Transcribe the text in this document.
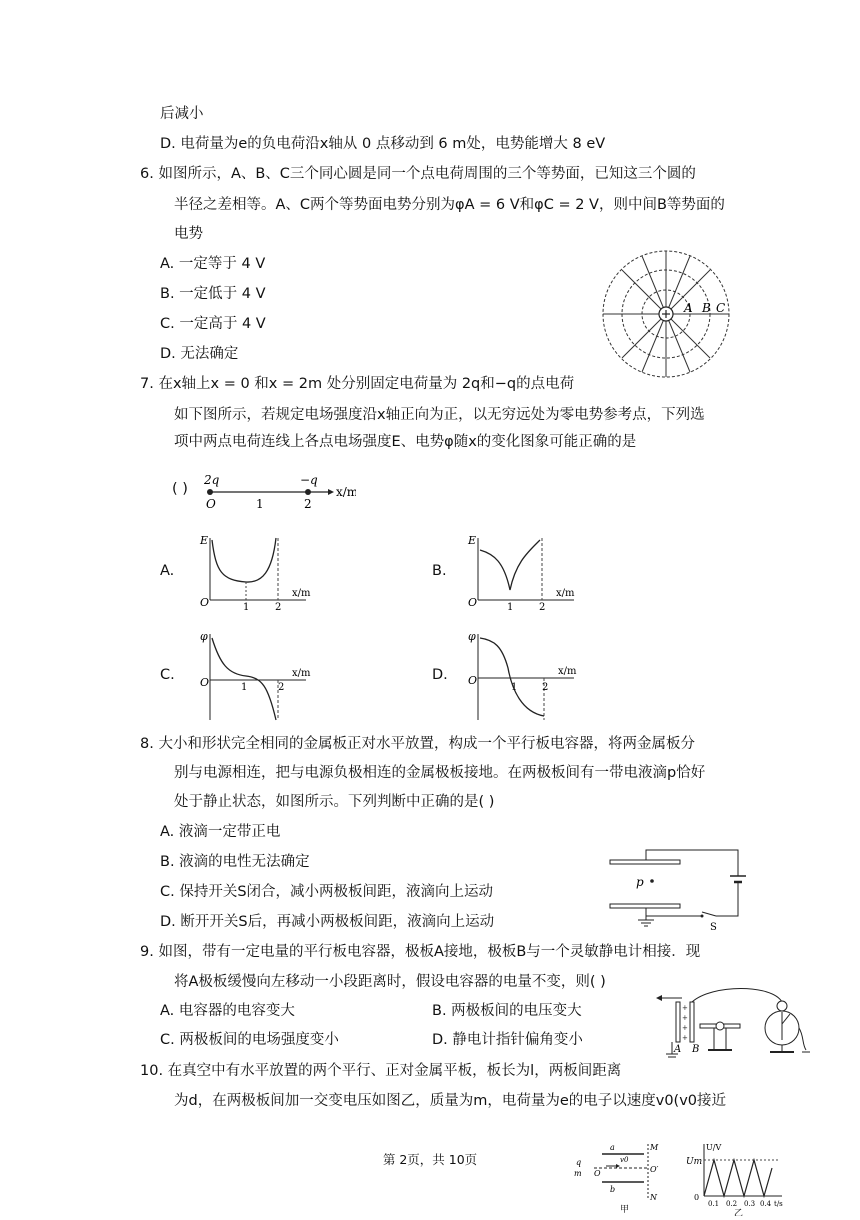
后减小
D. 电荷量为e的负电荷沿x轴从 0 点移动到 6 m处，电势能增大 8 eV
6. 如图所示，A、B、C三个同心圆是同一个点电荷周围的三个等势面，已知这三个圆的
半径之差相等。A、C两个等势面电势分别为φA = 6 V和φC = 2 V，则中间B等势面的
电势
A. 一定等于 4 V
B. 一定低于 4 V
C. 一定高于 4 V
D. 无法确定
7. 在x轴上x = 0 和x = 2m 处分别固定电荷量为 2q和−q的点电荷
如下图所示，若规定电场强度沿x轴正向为正，以无穷远处为零电势参考点，下列选
项中两点电荷连线上各点电场强度E、电势φ随x的变化图象可能正确的是
( )
A.	B.
C.	D.
8. 大小和形状完全相同的金属板正对水平放置，构成一个平行板电容器，将两金属板分
别与电源相连，把与电源负极相连的金属极板接地。在两极板间有一带电液滴p恰好
处于静止状态，如图所示。下列判断中正确的是( )
A. 液滴一定带正电
B. 液滴的电性无法确定
C. 保持开关S闭合，减小两极板间距，液滴向上运动
D. 断开开关S后，再减小两极板间距，液滴向上运动
9. 如图，带有一定电量的平行板电容器，极板A接地，极板B与一个灵敏静电计相接．现
将A极板缓慢向左移动一小段距离时，假设电容器的电量不变，则( )
A. 电容器的电容变大	B. 两极板间的电压变大
C. 两极板间的电场强度变小	D. 静电计指针偏角变小
10. 在真空中有水平放置的两个平行、正对金属平板，板长为l，两板间距离
为d，在两极板间加一交变电压如图乙，质量为m，电荷量为e的电子以速度v0(v0接近
第 2页，共 10页
A B C
2q	−q
O	1	2
x/m
E
O	1	2
x/m
E
O	1	2
x/m
φ
O	1	2
x/m
φ
O
1 2
x/m
p
S
+
+
+
+
A B
a
b
M
N
O	O′
q
m
v0
甲
U/V
Um
0
0.1 0.2 0.3 0.4 t/s
乙
